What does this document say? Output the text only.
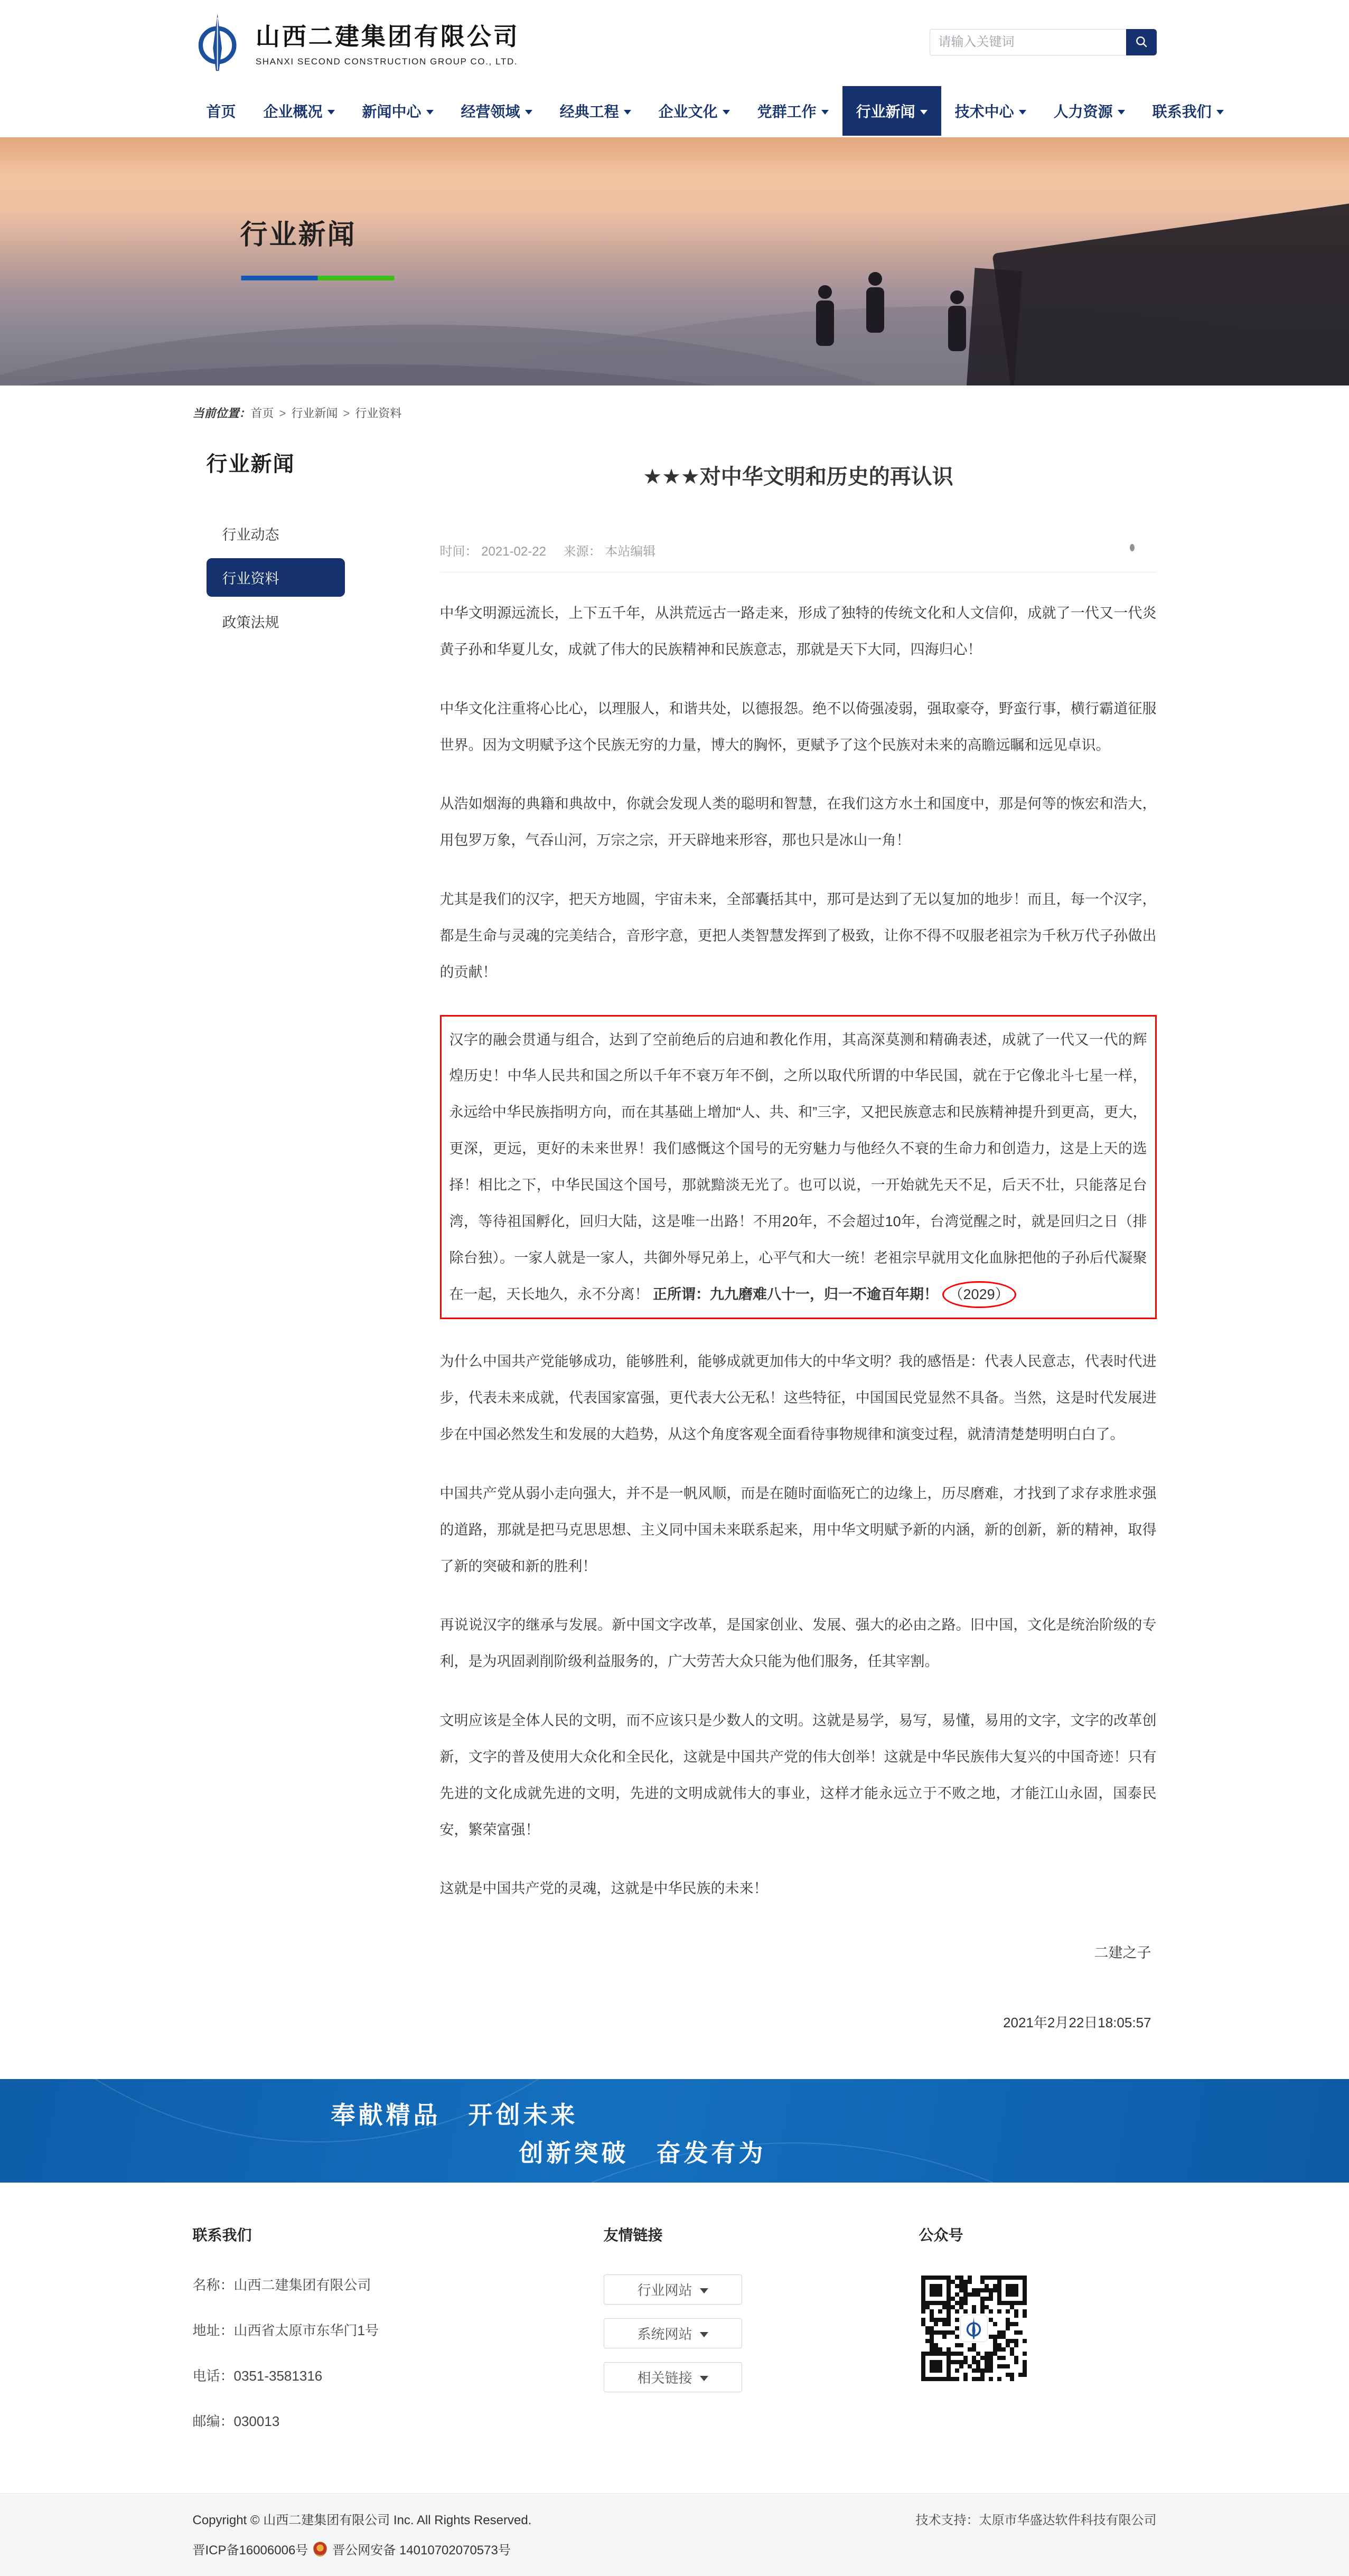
山西二建集团有限公司
SHANXI SECOND CONSTRUCTION GROUP CO., LTD.
请输入关键词
首页 企业概况	新闻中心	经营领域	经典工程	企业文化	党群工作	行业新闻	技术中心	人力资源	联系我们
行业新闻
当前位置：首页 > 行业新闻 > 行业资料
行业新闻
行业动态
行业资料
政策法规
★★★对中华文明和历史的再认识
时间： 2021-02-22 来源： 本站编辑

中华文明源远流长，上下五千年，从洪荒远古一路走来，形成了独特的传统文化和人文信仰，成就了一代又一代炎黄子孙和华夏儿女，成就了伟大的民族精神和民族意志，那就是天下大同，四海归心！

中华文化注重将心比心，以理服人，和谐共处，以德报怨。绝不以倚强凌弱，强取豪夺，野蛮行事，横行霸道征服世界。因为文明赋予这个民族无穷的力量，博大的胸怀，更赋予了这个民族对未来的高瞻远瞩和远见卓识。

从浩如烟海的典籍和典故中，你就会发现人类的聪明和智慧，在我们这方水土和国度中，那是何等的恢宏和浩大，用包罗万象，气吞山河，万宗之宗，开天辟地来形容，那也只是冰山一角！

尤其是我们的汉字，把天方地圆，宇宙未来，全部囊括其中，那可是达到了无以复加的地步！而且，每一个汉字，都是生命与灵魂的完美结合，音形字意，更把人类智慧发挥到了极致，让你不得不叹服老祖宗为千秋万代子孙做出的贡献！

汉字的融会贯通与组合，达到了空前绝后的启迪和教化作用，其高深莫测和精确表述，成就了一代又一代的辉煌历史！中华人民共和国之所以千年不衰万年不倒，之所以取代所谓的中华民国，就在于它像北斗七星一样，永远给中华民族指明方向，而在其基础上增加“人、共、和”三字，又把民族意志和民族精神提升到更高，更大，更深，更远，更好的未来世界！我们感慨这个国号的无穷魅力与他经久不衰的生命力和创造力，这是上天的选择！相比之下，中华民国这个国号，那就黯淡无光了。也可以说，一开始就先天不足，后天不壮，只能落足台湾，等待祖国孵化，回归大陆，这是唯一出路！不用20年，不会超过10年，台湾觉醒之时，就是回归之日（排除台独）。一家人就是一家人，共御外辱兄弟上，心平气和大一统！老祖宗早就用文化血脉把他的子孙后代凝聚在一起，天长地久，永不分离！ 正所谓：九九磨难八十一，归一不逾百年期！ （2029）

为什么中国共产党能够成功，能够胜利，能够成就更加伟大的中华文明？我的感悟是：代表人民意志，代表时代进步，代表未来成就，代表国家富强，更代表大公无私！这些特征，中国国民党显然不具备。当然，这是时代发展进步在中国必然发生和发展的大趋势，从这个角度客观全面看待事物规律和演变过程，就清清楚楚明明白白了。

中国共产党从弱小走向强大，并不是一帆风顺，而是在随时面临死亡的边缘上，历尽磨难，才找到了求存求胜求强的道路，那就是把马克思思想、主义同中国未来联系起来，用中华文明赋予新的内涵，新的创新，新的精神，取得了新的突破和新的胜利！

再说说汉字的继承与发展。新中国文字改革，是国家创业、发展、强大的必由之路。旧中国，文化是统治阶级的专利，是为巩固剥削阶级利益服务的，广大劳苦大众只能为他们服务，任其宰割。

文明应该是全体人民的文明，而不应该只是少数人的文明。这就是易学，易写，易懂，易用的文字，文字的改革创新，文字的普及使用大众化和全民化，这就是中国共产党的伟大创举！这就是中华民族伟大复兴的中国奇迹！只有先进的文化成就先进的文明，先进的文明成就伟大的事业，这样才能永远立于不败之地，才能江山永固，国泰民安，繁荣富强！

这就是中国共产党的灵魂，这就是中华民族的未来！

二建之子
2021年2月22日18:05:57
奉献精品　开创未来
创新突破　奋发有为
联系我们
名称：山西二建集团有限公司
地址：山西省太原市东华门1号
电话：0351-3581316
邮编：030013
友情链接
行业网站
系统网站
相关链接
公众号
Copyright © 山西二建集团有限公司 Inc. All Rights Reserved.	技术支持：太原市华盛达软件科技有限公司
晋ICP备16006006号 晋公网安备 14010702070573号
